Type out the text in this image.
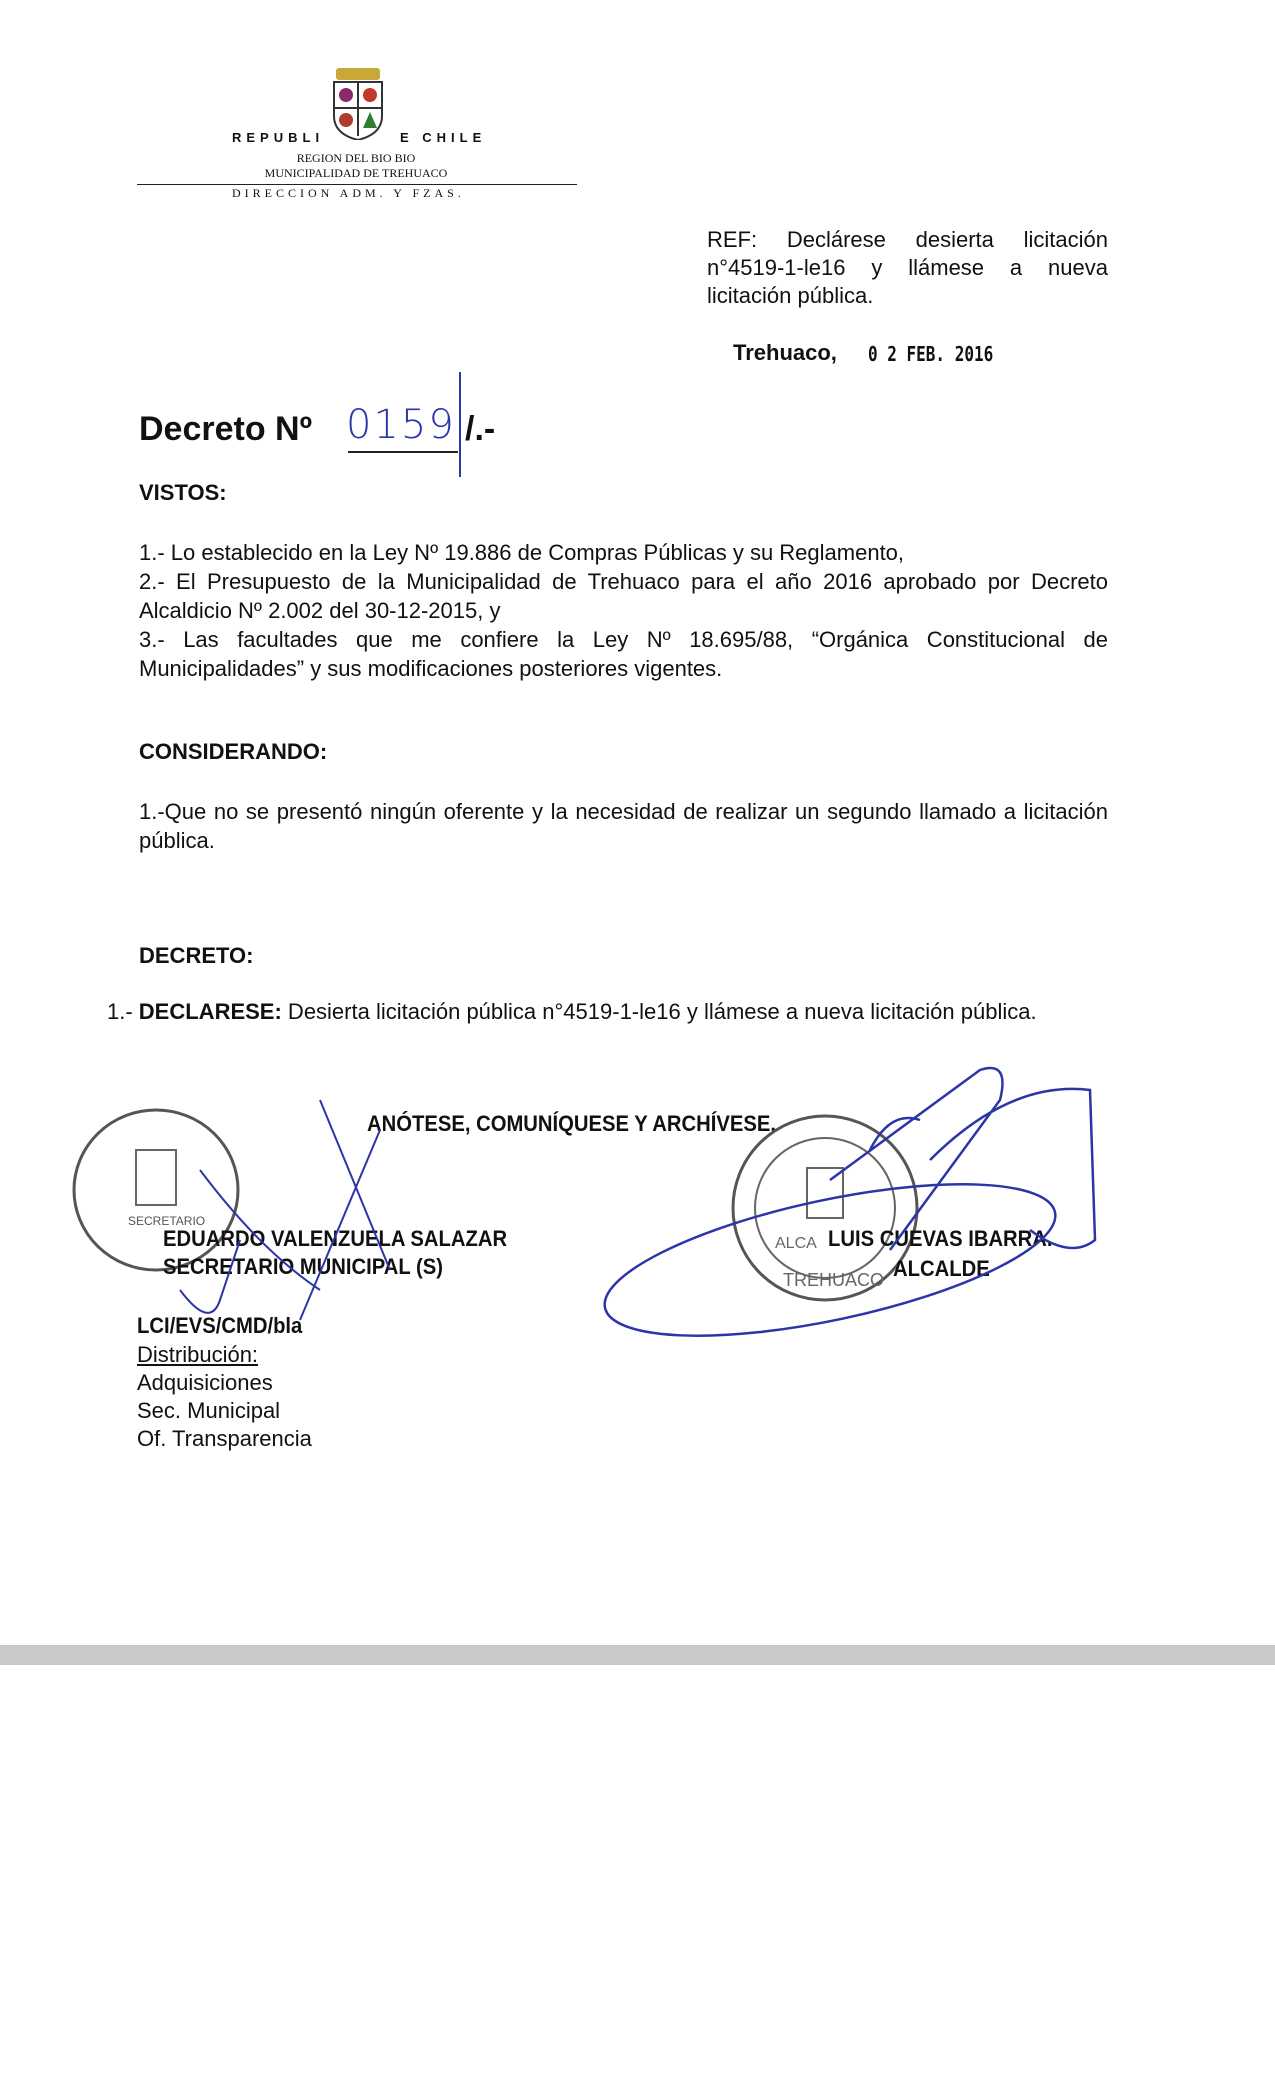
REPUBLI	E CHILE
REGION DEL BIO BIO
MUNICIPALIDAD DE TREHUACO
DIRECCION ADM. Y FZAS.
REF: Declárese desierta licitación n°4519-1-le16 y llámese a nueva licitación pública.
Trehuaco, 0 2 FEB. 2016
Decreto Nº 0159 /.-
VISTOS:
1.- Lo establecido en la Ley Nº 19.886 de Compras Públicas y su Reglamento,
2.- El Presupuesto de la Municipalidad de Trehuaco para el año 2016 aprobado por Decreto Alcaldicio Nº 2.002 del 30-12-2015, y
3.- Las facultades que me confiere la Ley Nº 18.695/88, “Orgánica Constitucional de Municipalidades” y sus modificaciones posteriores vigentes.
CONSIDERANDO:
1.-Que no se presentó ningún oferente y la necesidad de realizar un segundo llamado a licitación pública.
DECRETO:
1.- DECLARESE: Desierta licitación pública n°4519-1-le16 y llámese a nueva licitación pública.
ANÓTESE, COMUNÍQUESE Y ARCHÍVESE.
SECRETARIO
ALCA
TREHUACO
EDUARDO VALENZUELA SALAZAR
SECRETARIO MUNICIPAL (S)
LUIS CUEVAS IBARRA.
ALCALDE
LCI/EVS/CMD/bla
Distribución:
Adquisiciones
Sec. Municipal
Of. Transparencia
